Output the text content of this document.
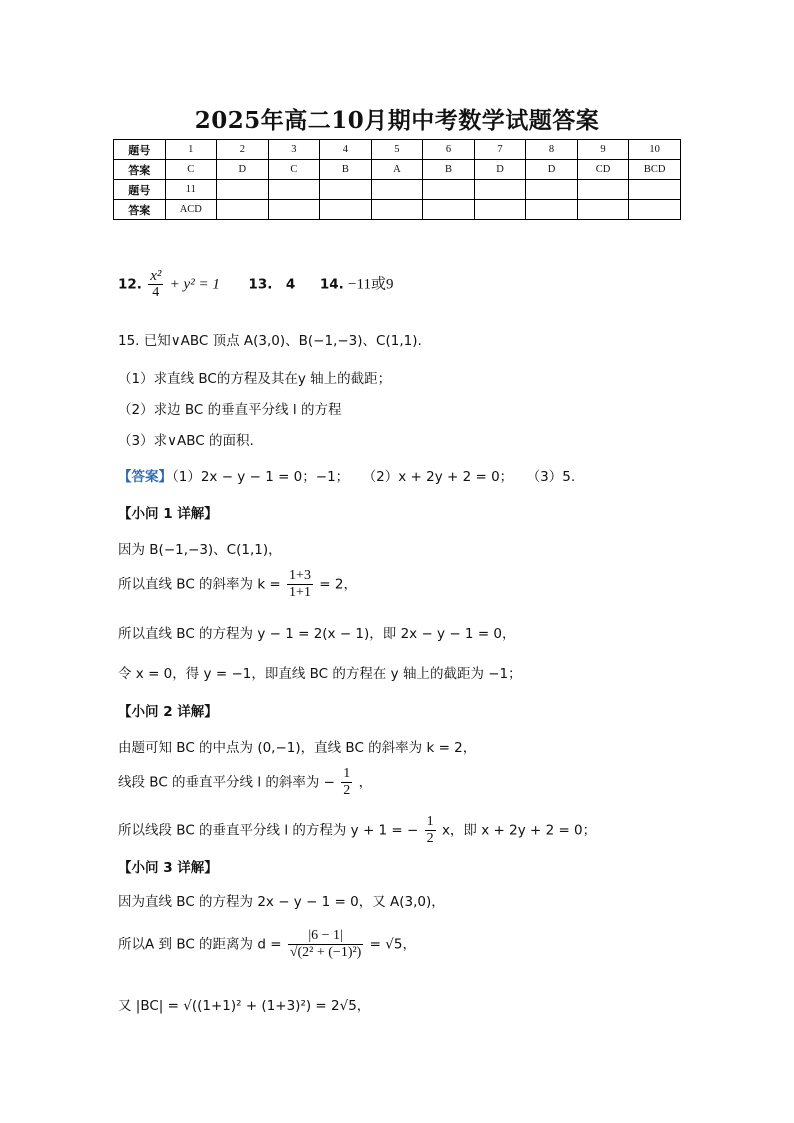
2025年高二10月期中考数学试题答案
题号	1	2	3	4	5	6	7	8	9	10
答案	C	D	C	B	A	B	D	D	CD	BCD
题号	11									
答案	ACD									
12. $\frac{\text{x²}}{4} + y^2 = 1$ 13.　4 14. −11或9
15. 已知∨ABC 顶点 A(3,0)、B(−1,−3)、C(1,1).
（1）求直线 BC的方程及其在y 轴上的截距；
（2）求边 BC 的垂直平分线 l 的方程
（3）求∨ABC 的面积.
【答案】（1）2x − y − 1 = 0；−1；　　（2）x + 2y + 2 = 0；　　（3）5.
【小问 1 详解】
因为 B(−1,−3)、C(1,1)，
所以直线 BC 的斜率为 $k = \frac{1+3}{1+1} = 2$，
所以直线 BC 的方程为 y − 1 = 2(x − 1)，即 2x − y − 1 = 0，
令 x = 0，得 y = −1，即直线 BC 的方程在 y 轴上的截距为 −1；
【小问 2 详解】
由题可知 BC 的中点为 (0,−1)，直线 BC 的斜率为 k = 2，
线段 BC 的垂直平分线 l 的斜率为 − $\frac{1}{2}$ ，
所以线段 BC 的垂直平分线 l 的方程为 y + 1 = − $\frac{1}{2}$ x，即 x + 2y + 2 = 0；
【小问 3 详解】
因为直线 BC 的方程为 2x − y − 1 = 0，又 A(3,0)，
所以A 到 BC 的距离为 $d = \frac{|6 - 1|}{\text{√(2² + (−1)²)}} = √5$，
又 |BC| = √((1+1)² + (1+3)²) = 2√5，
